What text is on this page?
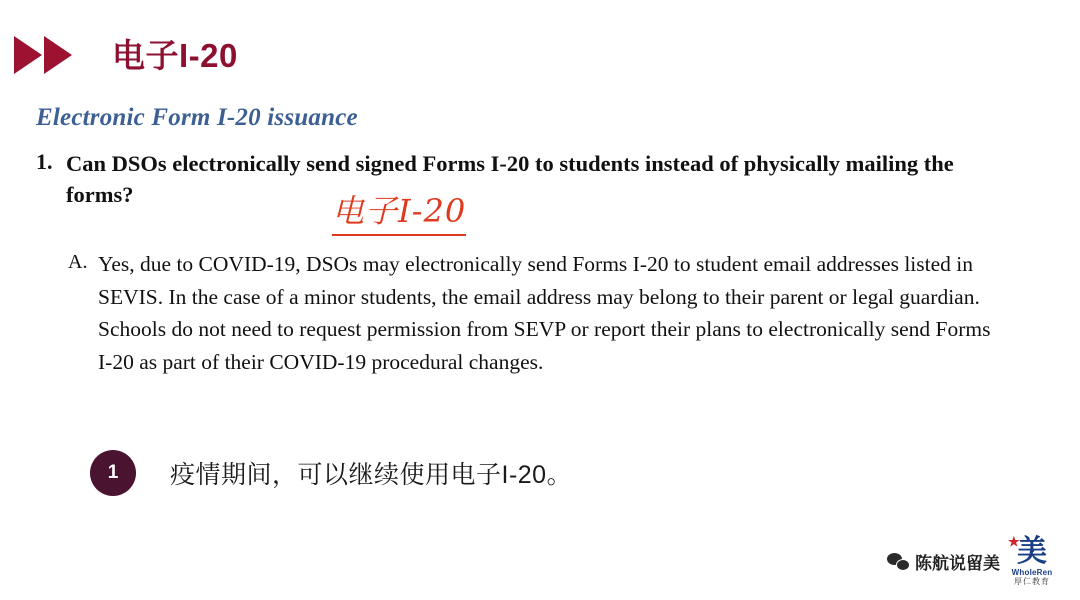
电子I-20
Electronic Form I-20 issuance
1. Can DSOs electronically send signed Forms I-20 to students instead of physically mailing the forms?	电子I-20
A. Yes, due to COVID-19, DSOs may electronically send Forms I-20 to student email addresses listed in SEVIS. In the case of a minor students, the email address may belong to their parent or legal guardian. Schools do not need to request permission from SEVP or report their plans to electronically send Forms I-20 as part of their COVID-19 procedural changes.
1	疫情期间，可以继续使用电子I-20。
陈航说留美
★
美
WholeRen
厚仁教育
